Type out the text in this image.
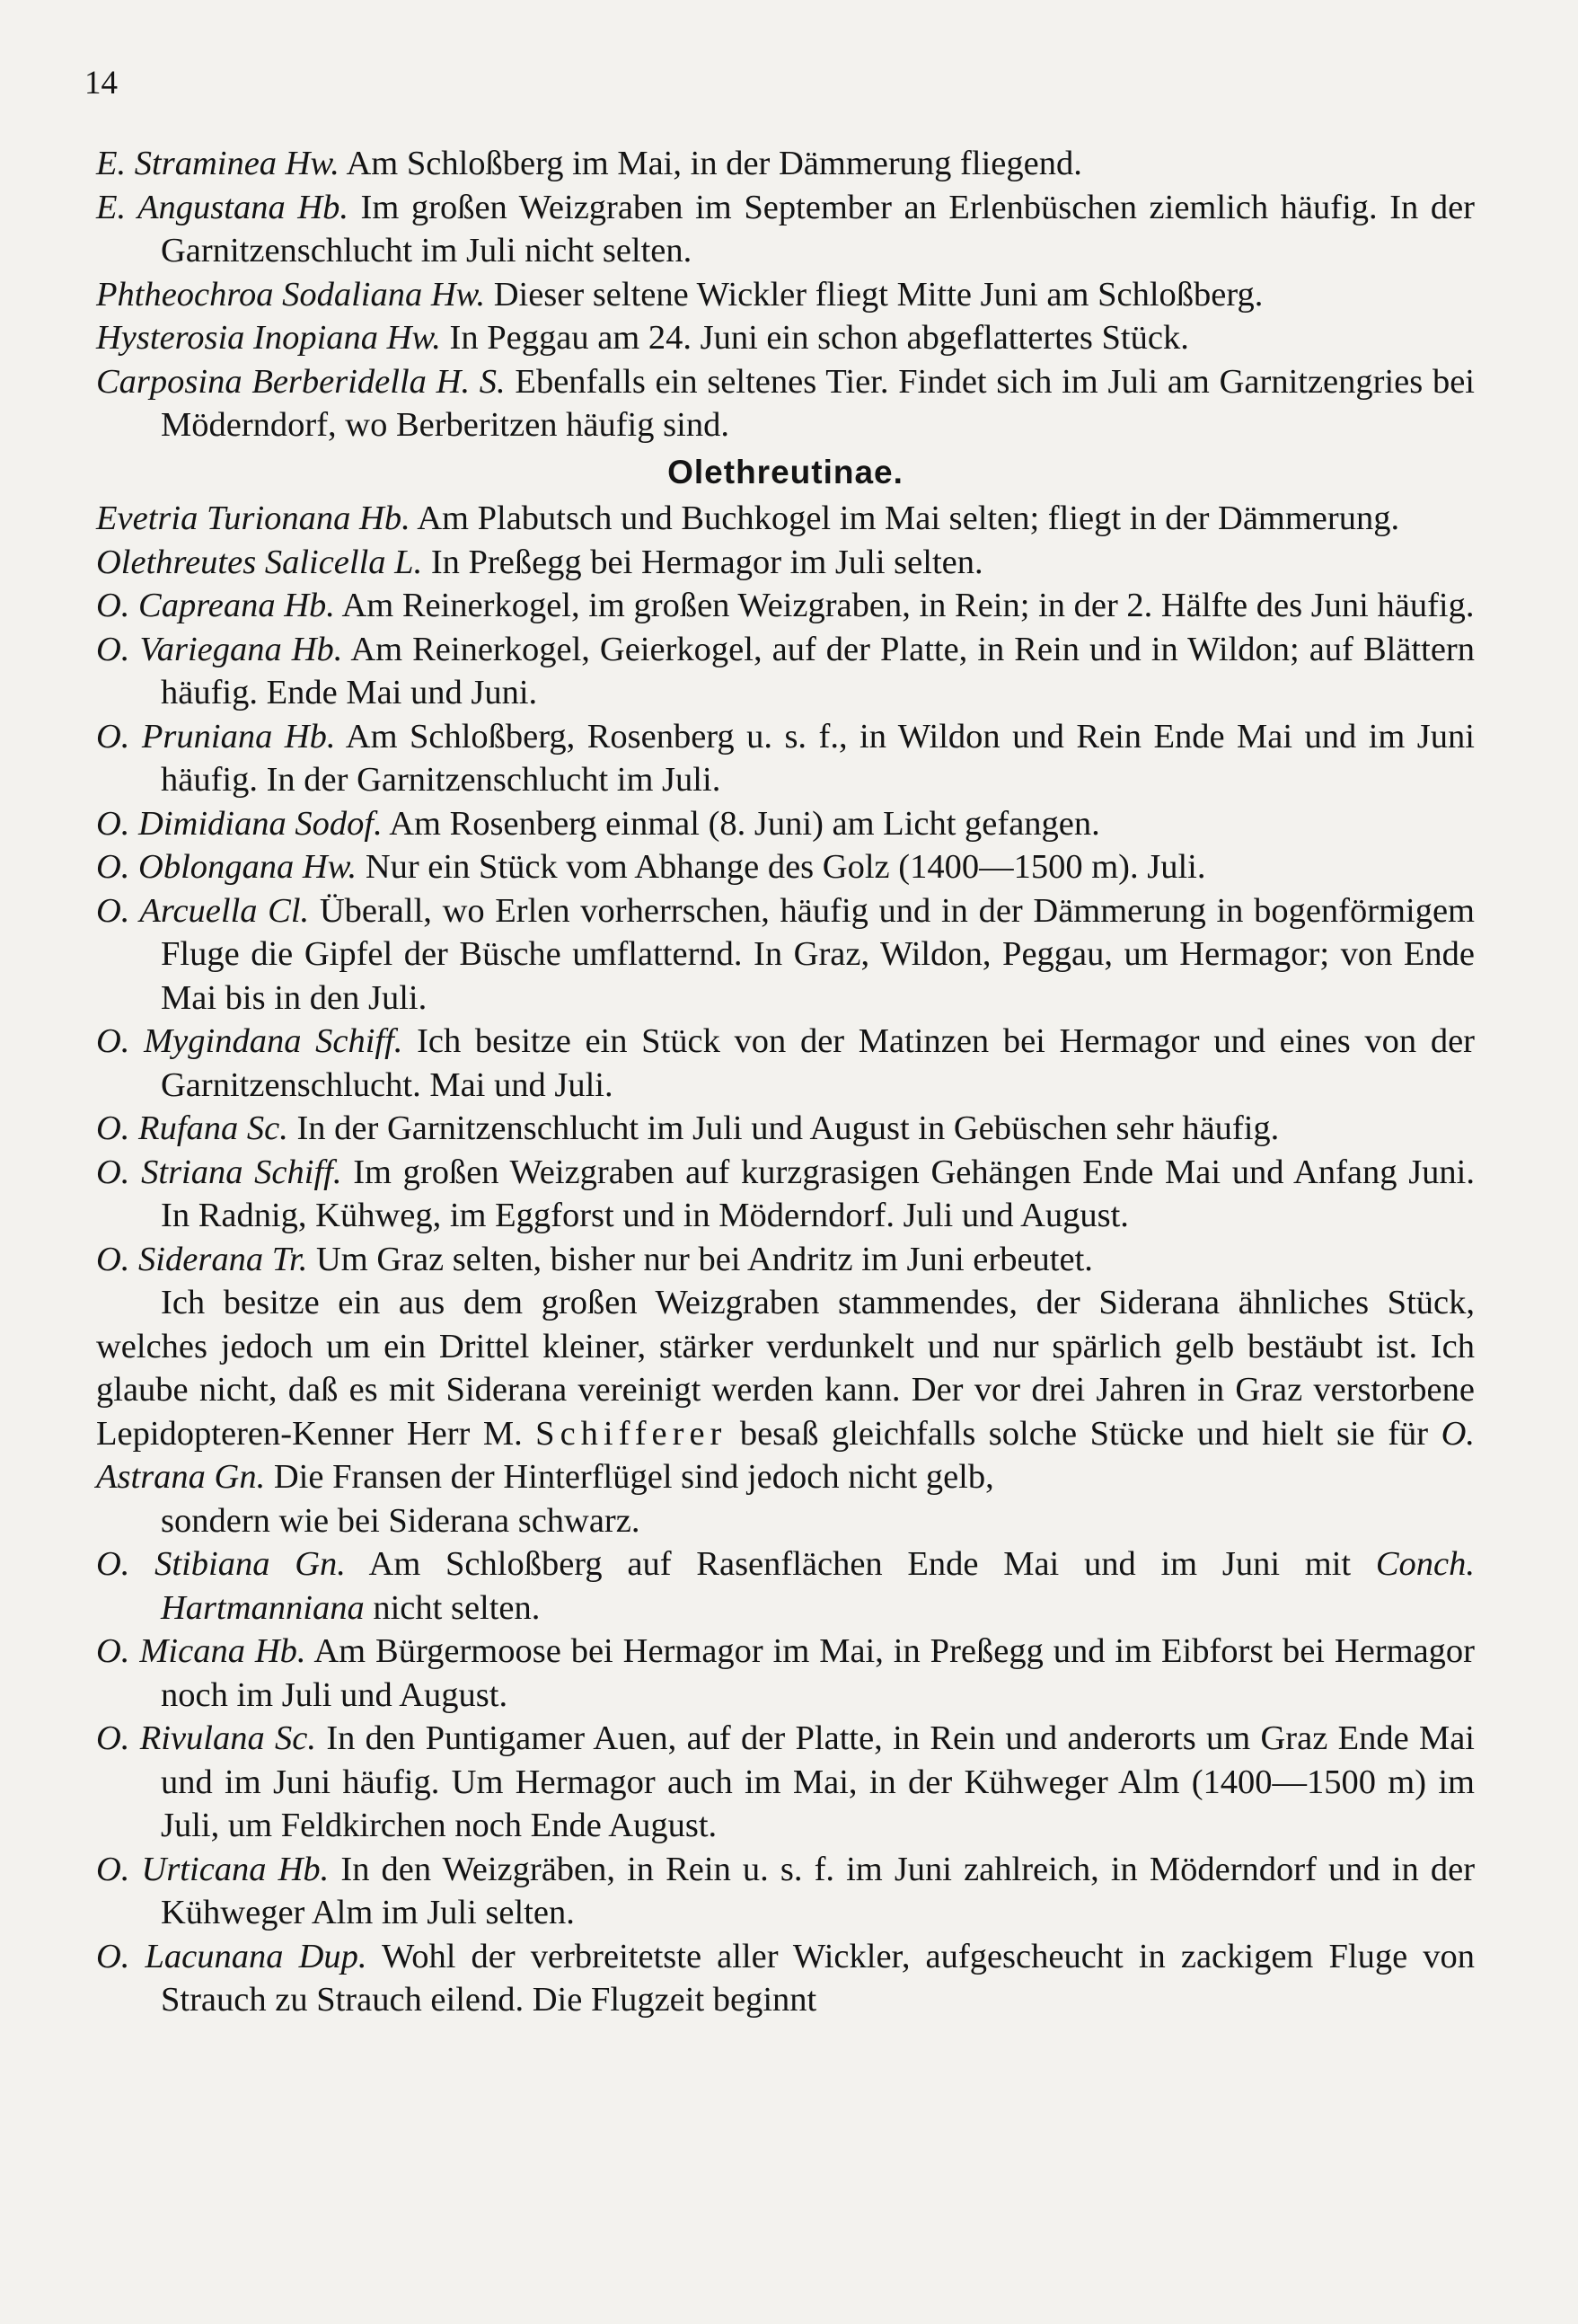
14

E. Straminea Hw. Am Schloßberg im Mai, in der Dämmerung fliegend.

E. Angustana Hb. Im großen Weizgraben im September an Erlenbüschen ziemlich häufig. In der Garnitzenschlucht im Juli nicht selten.

Phtheochroa Sodaliana Hw. Dieser seltene Wickler fliegt Mitte Juni am Schloßberg.

Hysterosia Inopiana Hw. In Peggau am 24. Juni ein schon abgeflattertes Stück.

Carposina Berberidella H. S. Ebenfalls ein seltenes Tier. Findet sich im Juli am Garnitzengries bei Möderndorf, wo Berberitzen häufig sind.

Olethreutinae.

Evetria Turionana Hb. Am Plabutsch und Buchkogel im Mai selten; fliegt in der Dämmerung.

Olethreutes Salicella L. In Preßegg bei Hermagor im Juli selten.

O. Capreana Hb. Am Reinerkogel, im großen Weizgraben, in Rein; in der 2. Hälfte des Juni häufig.

O. Variegana Hb. Am Reinerkogel, Geierkogel, auf der Platte, in Rein und in Wildon; auf Blättern häufig. Ende Mai und Juni.

O. Pruniana Hb. Am Schloßberg, Rosenberg u. s. f., in Wildon und Rein Ende Mai und im Juni häufig. In der Garnitzenschlucht im Juli.

O. Dimidiana Sodof. Am Rosenberg einmal (8. Juni) am Licht gefangen.

O. Oblongana Hw. Nur ein Stück vom Abhange des Golz (1400—1500 m). Juli.

O. Arcuella Cl. Überall, wo Erlen vorherrschen, häufig und in der Dämmerung in bogenförmigem Fluge die Gipfel der Büsche umflatternd. In Graz, Wildon, Peggau, um Hermagor; von Ende Mai bis in den Juli.

O. Mygindana Schiff. Ich besitze ein Stück von der Matinzen bei Hermagor und eines von der Garnitzenschlucht. Mai und Juli.

O. Rufana Sc. In der Garnitzenschlucht im Juli und August in Gebüschen sehr häufig.

O. Striana Schiff. Im großen Weizgraben auf kurzgrasigen Gehängen Ende Mai und Anfang Juni. In Radnig, Kühweg, im Eggforst und in Möderndorf. Juli und August.

O. Siderana Tr. Um Graz selten, bisher nur bei Andritz im Juni erbeutet.

Ich besitze ein aus dem großen Weizgraben stammendes, der Siderana ähnliches Stück, welches jedoch um ein Drittel kleiner, stärker verdunkelt und nur spärlich gelb bestäubt ist. Ich glaube nicht, daß es mit Siderana vereinigt werden kann. Der vor drei Jahren in Graz verstorbene Lepidopteren-Kenner Herr M. Schifferer besaß gleichfalls solche Stücke und hielt sie für O. Astrana Gn. Die Fransen der Hinterflügel sind jedoch nicht gelb,

sondern wie bei Siderana schwarz.

O. Stibiana Gn. Am Schloßberg auf Rasenflächen Ende Mai und im Juni mit Conch. Hartmanniana nicht selten.

O. Micana Hb. Am Bürgermoose bei Hermagor im Mai, in Preßegg und im Eibforst bei Hermagor noch im Juli und August.

O. Rivulana Sc. In den Puntigamer Auen, auf der Platte, in Rein und anderorts um Graz Ende Mai und im Juni häufig. Um Hermagor auch im Mai, in der Kühweger Alm (1400—1500 m) im Juli, um Feldkirchen noch Ende August.

O. Urticana Hb. In den Weizgräben, in Rein u. s. f. im Juni zahlreich, in Möderndorf und in der Kühweger Alm im Juli selten.

O. Lacunana Dup. Wohl der verbreitetste aller Wickler, aufgescheucht in zackigem Fluge von Strauch zu Strauch eilend. Die Flugzeit beginnt
